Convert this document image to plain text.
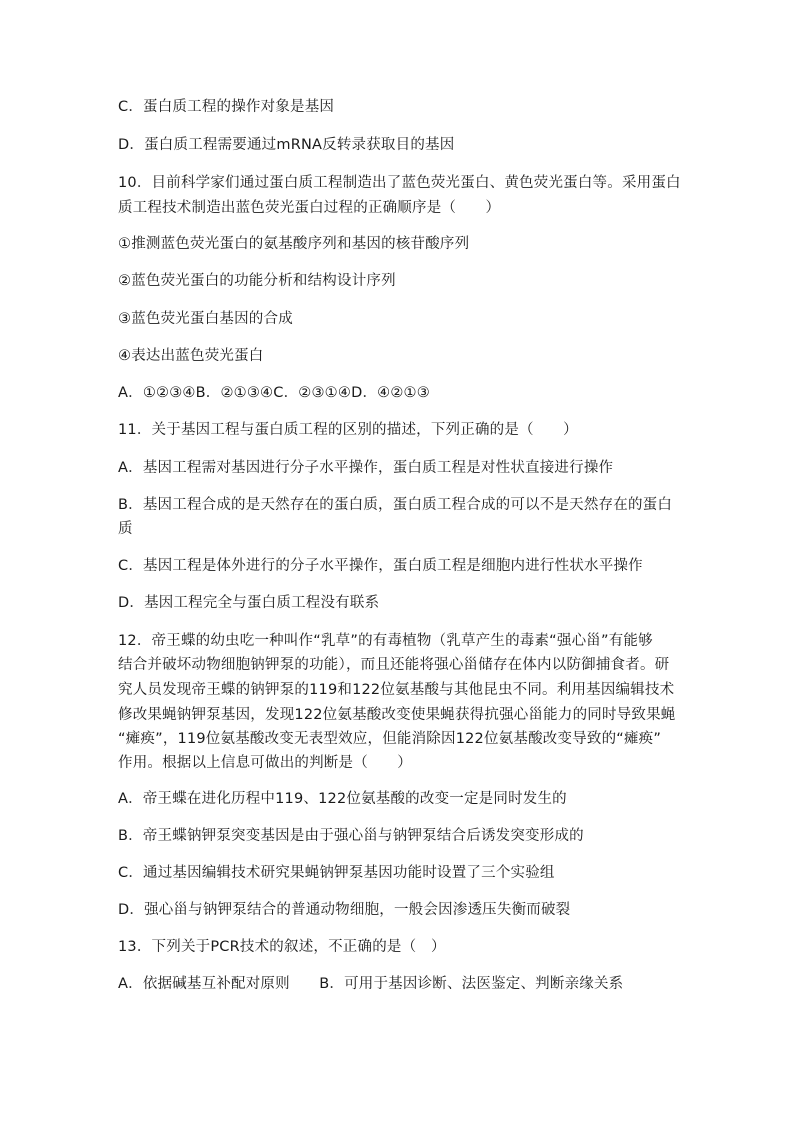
C．蛋白质工程的操作对象是基因
D．蛋白质工程需要通过mRNA反转录获取目的基因
10．目前科学家们通过蛋白质工程制造出了蓝色荧光蛋白、黄色荧光蛋白等。采用蛋白
质工程技术制造出蓝色荧光蛋白过程的正确顺序是（　　）
①推测蓝色荧光蛋白的氨基酸序列和基因的核苷酸序列
②蓝色荧光蛋白的功能分析和结构设计序列
③蓝色荧光蛋白基因的合成
④表达出蓝色荧光蛋白
A．①②③④B．②①③④C．②③①④D．④②①③
11．关于基因工程与蛋白质工程的区别的描述，下列正确的是（　　）
A．基因工程需对基因进行分子水平操作，蛋白质工程是对性状直接进行操作
B．基因工程合成的是天然存在的蛋白质，蛋白质工程合成的可以不是天然存在的蛋白
质
C．基因工程是体外进行的分子水平操作，蛋白质工程是细胞内进行性状水平操作
D．基因工程完全与蛋白质工程没有联系
12．帝王蝶的幼虫吃一种叫作“乳草”的有毒植物（乳草产生的毒素“强心甾”有能够
结合并破坏动物细胞钠钾泵的功能），而且还能将强心甾储存在体内以防御捕食者。研
究人员发现帝王蝶的钠钾泵的119和122位氨基酸与其他昆虫不同。利用基因编辑技术
修改果蝇钠钾泵基因，发现122位氨基酸改变使果蝇获得抗强心甾能力的同时导致果蝇
“瘫痪”，119位氨基酸改变无表型效应，但能消除因122位氨基酸改变导致的“瘫痪”
作用。根据以上信息可做出的判断是（　　）
A．帝王蝶在进化历程中119、122位氨基酸的改变一定是同时发生的
B．帝王蝶钠钾泵突变基因是由于强心甾与钠钾泵结合后诱发突变形成的
C．通过基因编辑技术研究果蝇钠钾泵基因功能时设置了三个实验组
D．强心甾与钠钾泵结合的普通动物细胞，一般会因渗透压失衡而破裂
13．下列关于PCR技术的叙述，不正确的是（　）
A．依据碱基互补配对原则　　B．可用于基因诊断、法医鉴定、判断亲缘关系
